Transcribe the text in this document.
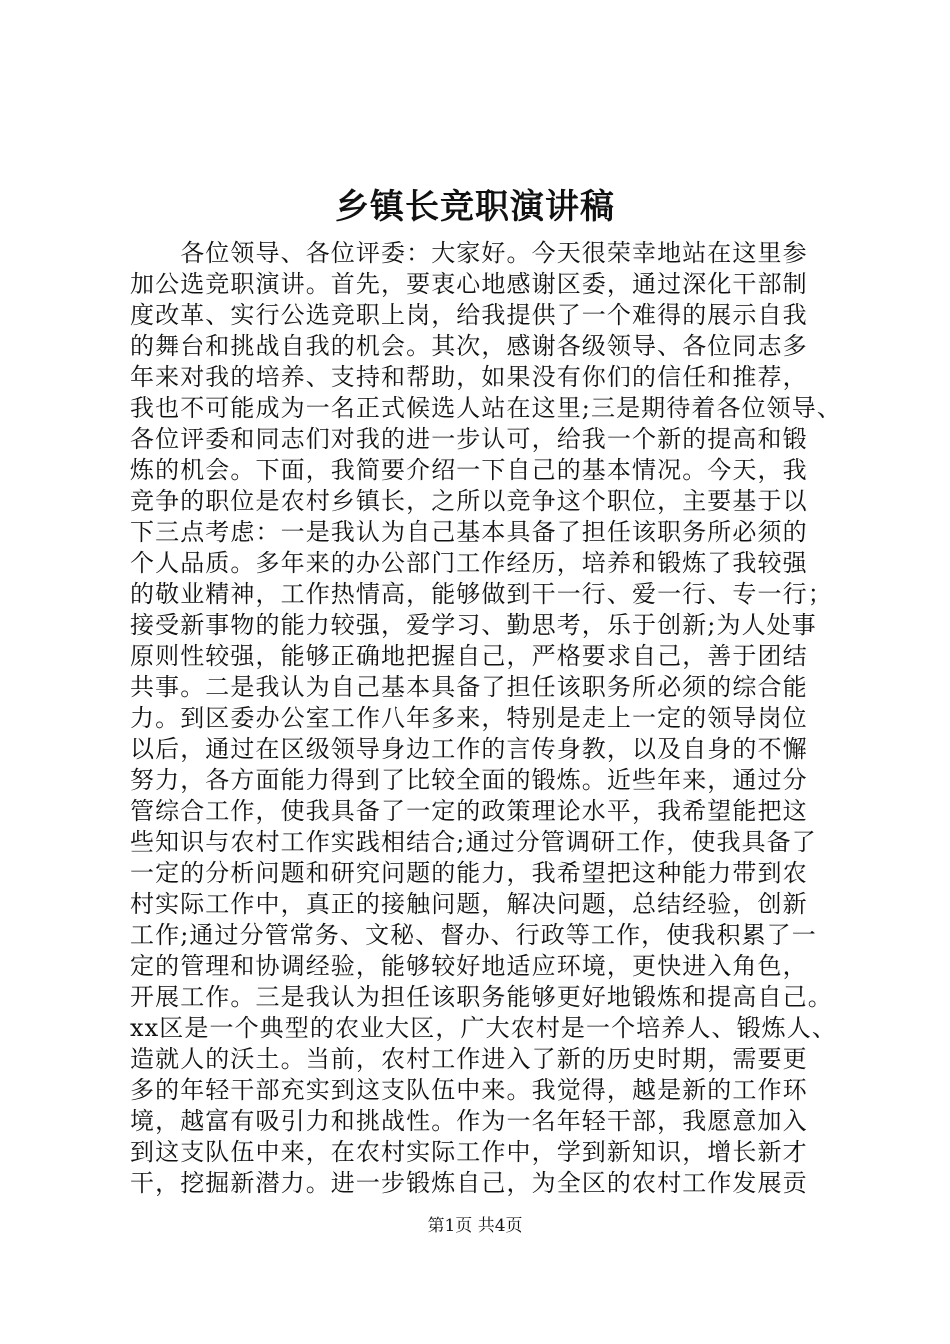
乡镇长竞职演讲稿
　　各位领导、各位评委：大家好。今天很荣幸地站在这里参
加公选竞职演讲。首先，要衷心地感谢区委，通过深化干部制
度改革、实行公选竞职上岗，给我提供了一个难得的展示自我
的舞台和挑战自我的机会。其次，感谢各级领导、各位同志多
年来对我的培养、支持和帮助，如果没有你们的信任和推荐，
我也不可能成为一名正式候选人站在这里;三是期待着各位领导、
各位评委和同志们对我的进一步认可，给我一个新的提高和锻
炼的机会。下面，我简要介绍一下自己的基本情况。今天，我
竞争的职位是农村乡镇长，之所以竞争这个职位，主要基于以
下三点考虑：一是我认为自己基本具备了担任该职务所必须的
个人品质。多年来的办公部门工作经历，培养和锻炼了我较强
的敬业精神，工作热情高，能够做到干一行、爱一行、专一行；
接受新事物的能力较强，爱学习、勤思考，乐于创新;为人处事
原则性较强，能够正确地把握自己，严格要求自己，善于团结
共事。二是我认为自己基本具备了担任该职务所必须的综合能
力。到区委办公室工作八年多来，特别是走上一定的领导岗位
以后，通过在区级领导身边工作的言传身教，以及自身的不懈
努力，各方面能力得到了比较全面的锻炼。近些年来，通过分
管综合工作，使我具备了一定的政策理论水平，我希望能把这
些知识与农村工作实践相结合;通过分管调研工作，使我具备了
一定的分析问题和研究问题的能力，我希望把这种能力带到农
村实际工作中，真正的接触问题，解决问题，总结经验，创新
工作;通过分管常务、文秘、督办、行政等工作，使我积累了一
定的管理和协调经验，能够较好地适应环境，更快进入角色，
开展工作。三是我认为担任该职务能够更好地锻炼和提高自己。
xx区是一个典型的农业大区，广大农村是一个培养人、锻炼人、
造就人的沃土。当前，农村工作进入了新的历史时期，需要更
多的年轻干部充实到这支队伍中来。我觉得，越是新的工作环
境，越富有吸引力和挑战性。作为一名年轻干部，我愿意加入
到这支队伍中来，在农村实际工作中，学到新知识，增长新才
干，挖掘新潜力。进一步锻炼自己，为全区的农村工作发展贡
第1页 共4页
